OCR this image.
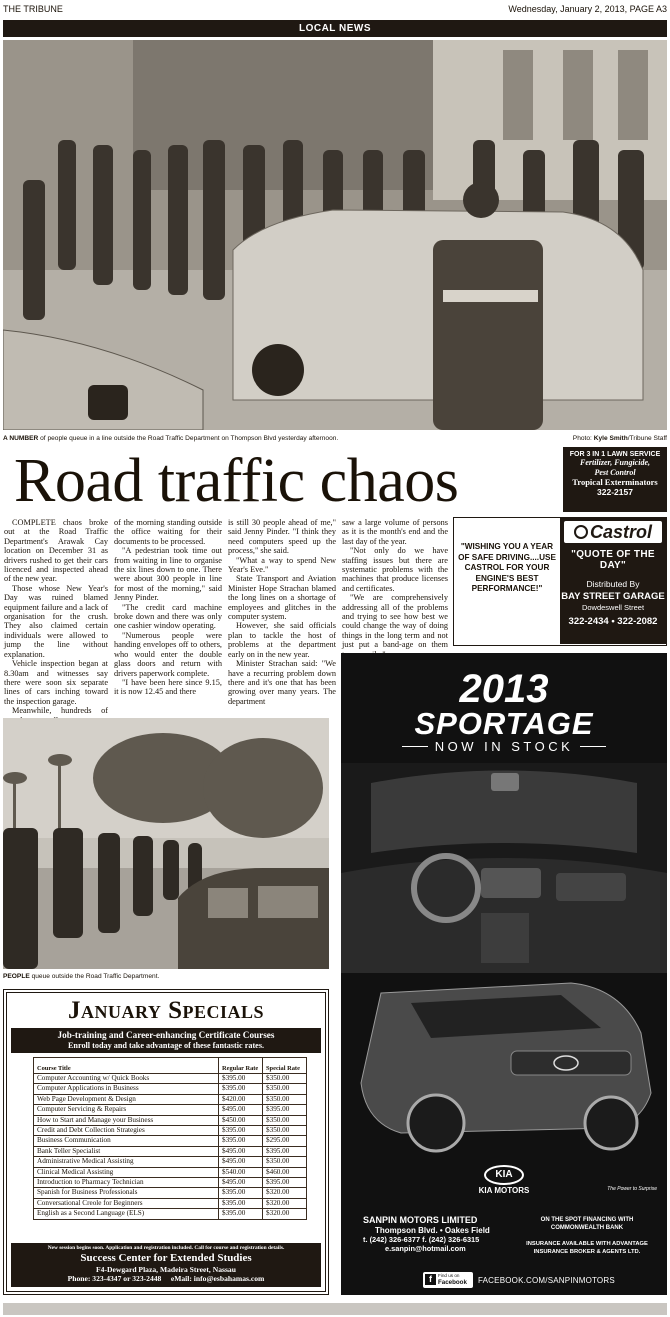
THE TRIBUNE	Wednesday, January 2, 2013, PAGE A3
LOCAL NEWS
A NUMBER of people queue in a line outside the Road Traffic Department on Thompson Blvd yesterday afternoon.	Photo: Kyle Smith/Tribune Staff
Road traffic chaos	FOR 3 IN 1 LAWN SERVICE
Fertilizer, Fungicide,
Pest Control
Tropical Exterminators
322-2157

COMPLETE chaos broke out at the Road Traffic Department's Arawak Cay location on December 31 as drivers rushed to get their cars licenced and inspected ahead of the new year.

Those whose New Year's Day was ruined blamed equipment failure and a lack of organisation for the crush. They also claimed certain individuals were allowed to jump the line without explanation.

Vehicle inspection began at 8.30am and witnesses say there were soon six separate lines of cars inching toward the inspection garage.

Meanwhile, hundreds of

of the morning standing outside the office waiting for their documents to be processed.

"A pedestrian took time out from waiting in line to organise the six lines down to one. There were about 300 people in line for most of the morning," said Jenny Pinder.

"The credit card machine broke down and there was only one cashier window operating.

"Numerous people were handing envelopes off to others, who would enter the double glass doors and return with drivers paperwork complete.

"I have been here since 9.15, it is now 12.45 and there

is still 30 people ahead of me," said Jenny Pinder. "I think they need computers speed up the process," she said.

"What a way to spend New Year's Eve."

State Transport and Aviation Minister Hope Strachan blamed the long lines on a shortage of employees and glitches in the computer system.

However, she said officials plan to tackle the host of problems at the department early on in the new year.

Minister Strachan said: "We have a recurring problem down there and it's one that has been growing over many years. The department

saw a large volume of persons as it is the month's end and the last day of the year.

"Not only do we have staffing issues but there are systematic problems with the machines that produce licenses and certificates.

"We are comprehensively addressing all of the problems and trying to see how best we could change the way of doing things in the long term and not just put a band-age on them

"WISHING YOU A YEAR OF SAFE DRIVING....USE CASTROL FOR YOUR ENGINE'S BEST PERFORMANCE!"
Castrol
"QUOTE OF THE DAY"
Distributed By
BAY STREET GARAGE
Dowdeswell Street
322-2434 • 322-2082
PEOPLE queue outside the Road Traffic Department.
January Specials
Job-training and Career-enhancing Certificate Courses
Enroll today and take advantage of these fantastic rates.
Course Title	Regular Rate	Special Rate
Computer Accounting w/ Quick Books	$395.00	$350.00
Computer Applications in Business	$395.00	$350.00
Web Page Development & Design	$420.00	$350.00
Computer Servicing & Repairs	$495.00	$395.00
How to Start and Manage your Business	$450.00	$350.00
Credit and Debt Collection Strategies	$395.00	$350.00
Business Communication	$395.00	$295.00
Bank Teller Specialist	$495.00	$395.00
Administrative Medical Assisting	$495.00	$350.00
Clinical Medical Assisting	$540.00	$460.00
Introduction to Pharmacy Technician	$495.00	$395.00
Spanish for Business Professionals	$395.00	$320.00
Conversational Creole for Beginners	$395.00	$320.00
English as a Second Language (ELS)	$395.00	$320.00
New session begins soon. Application and registration included. Call for course and registration details.
Success Center for Extended Studies
F4-Dewgard Plaza, Madeira Street, Nassau
Phone: 323-4347 or 323-2448     eMail: info@esbahamas.com
2013
SPORTAGE
NOW IN STOCK
KIA
KIA MOTORS	The Power to Surprise
SANPIN MOTORS LIMITED
Thompson Blvd. • Oakes Field
t. (242) 326-6377 f. (242) 326-6315
e.sanpin@hotmail.com
ON THE SPOT FINANCING WITH COMMONWEALTH BANK
INSURANCE AVAILABLE WITH ADVANTAGE INSURANCE BROKER & AGENTS LTD.
f	Find us on
Facebook	FACEBOOK.COM/SANPINMOTORS
